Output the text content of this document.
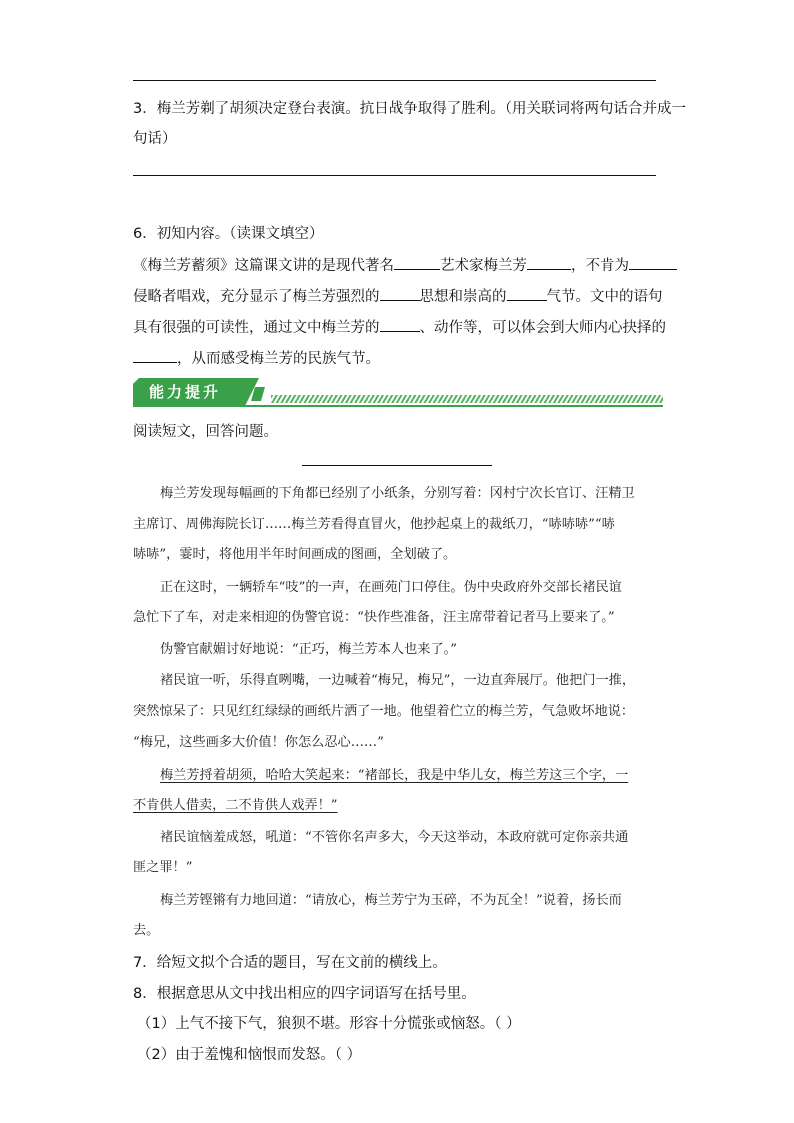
3．梅兰芳剃了胡须决定登台表演。抗日战争取得了胜利。（用关联词将两句话合并成一
句话）
6．初知内容。（读课文填空）
《梅兰芳蓄须》这篇课文讲的是现代著名	艺术家梅兰芳	，不肯为
侵略者唱戏，充分显示了梅兰芳强烈的	思想和崇高的	气节。文中的语句
具有很强的可读性，通过文中梅兰芳的	、动作等，可以体会到大师内心抉择的
，从而感受梅兰芳的民族气节。
能力提升
阅读短文，回答问题。
梅兰芳发现每幅画的下角都已经别了小纸条，分别写着：冈村宁次长官订、汪精卫
主席订、周佛海院长订……梅兰芳看得直冒火，他抄起桌上的裁纸刀，“哧哧哧”“哧
哧哧”，霎时，将他用半年时间画成的图画，全划破了。
正在这时，一辆轿车“吱”的一声，在画苑门口停住。伪中央政府外交部长褚民谊
急忙下了车，对走来相迎的伪警官说：“快作些准备，汪主席带着记者马上要来了。”
伪警官献媚讨好地说：“正巧，梅兰芳本人也来了。”
褚民谊一听，乐得直咧嘴，一边喊着“梅兄，梅兄”，一边直奔展厅。他把门一推，
突然惊呆了：只见红红绿绿的画纸片洒了一地。他望着伫立的梅兰芳，气急败坏地说：
“梅兄，这些画多大价值！你怎么忍心……”
梅兰芳捋着胡须，哈哈大笑起来：“褚部长，我是中华儿女，梅兰芳这三个字，一
不肯供人借卖，二不肯供人戏弄！”
褚民谊恼羞成怒，吼道：“不管你名声多大，今天这举动，本政府就可定你亲共通
匪之罪！”
梅兰芳铿锵有力地回道：“请放心，梅兰芳宁为玉碎，不为瓦全！”说着，扬长而
去。
7．给短文拟个合适的题目，写在文前的横线上。
8．根据意思从文中找出相应的四字词语写在括号里。
（1）上气不接下气，狼狈不堪。形容十分慌张或恼怒。（ ）
（2）由于羞愧和恼恨而发怒。（ ）
